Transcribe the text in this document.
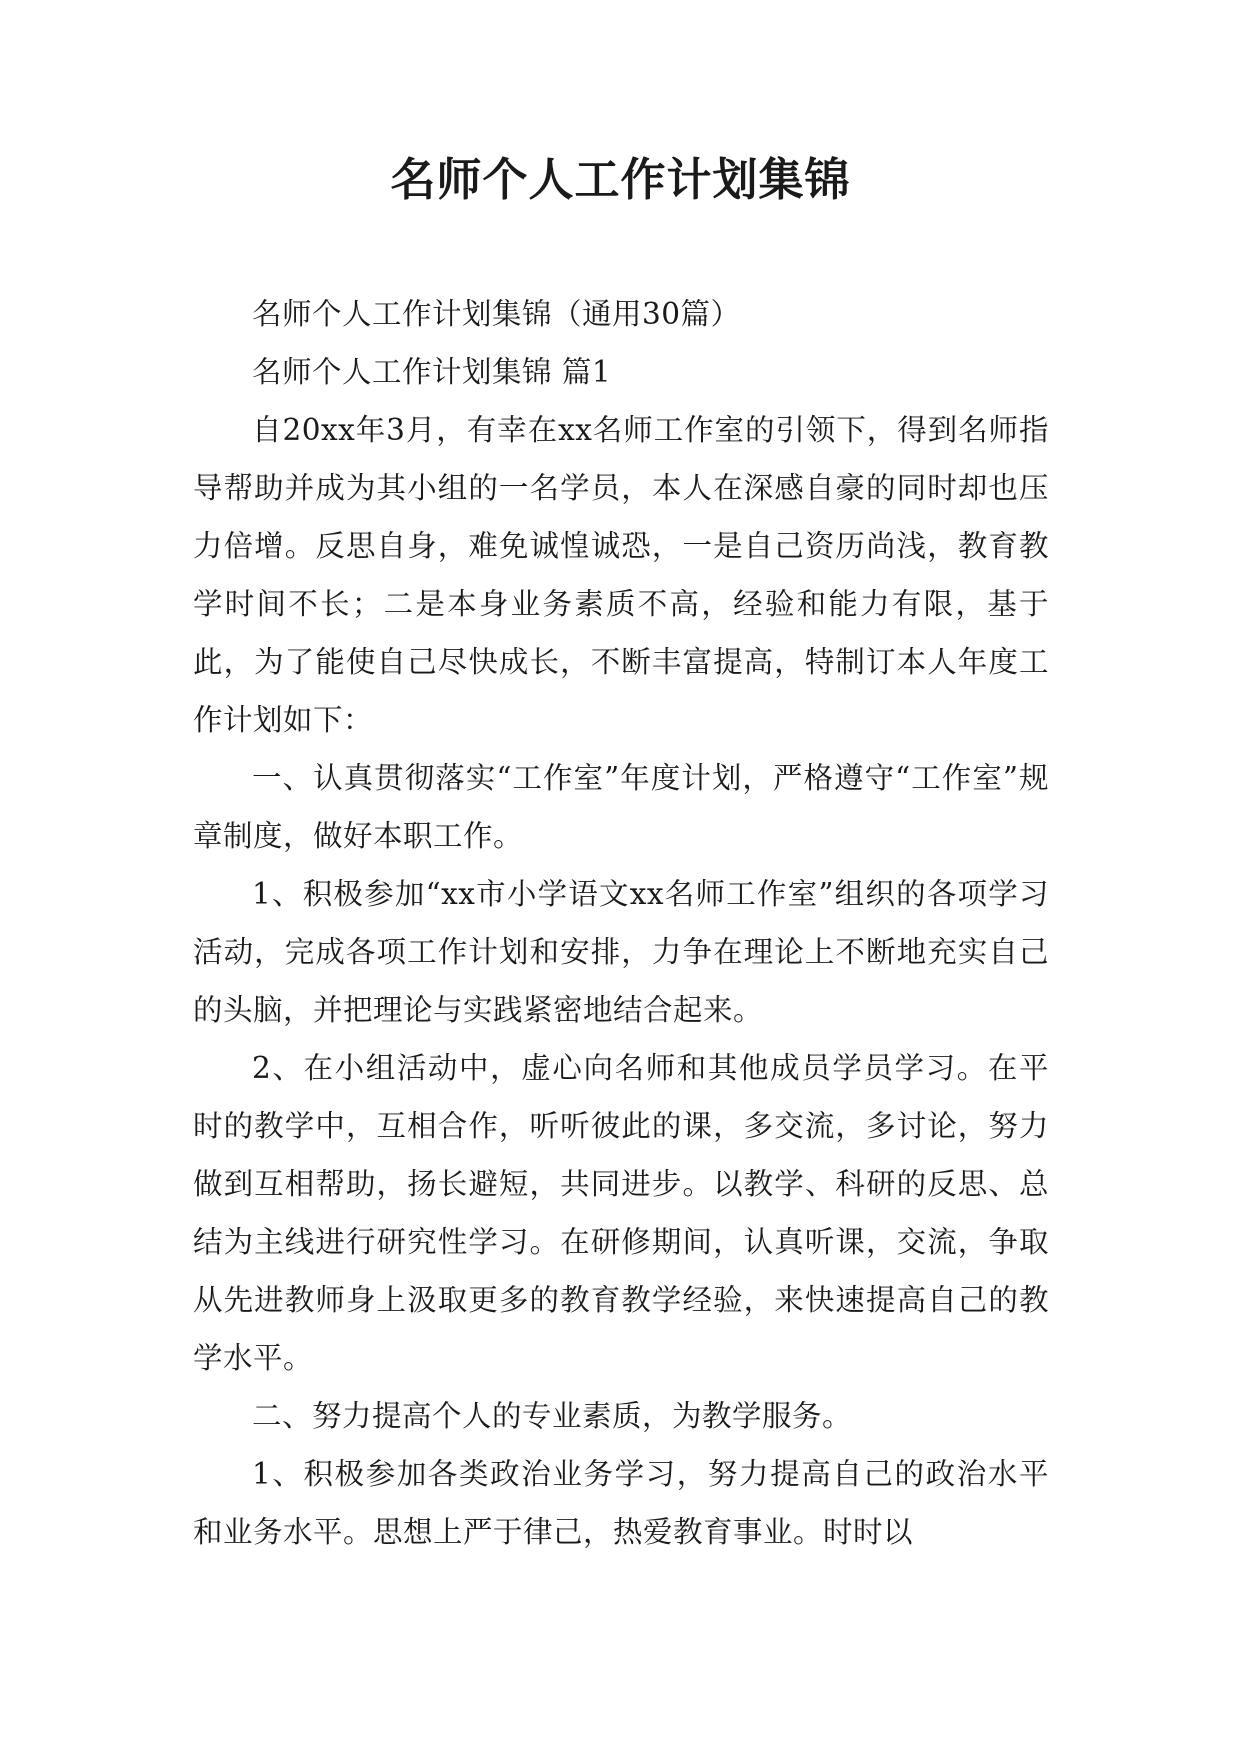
名师个人工作计划集锦

名师个人工作计划集锦（通用30篇）

名师个人工作计划集锦 篇1

自20xx年3月，有幸在xx名师工作室的引领下，得到名师指导帮助并成为其小组的一名学员，本人在深感自豪的同时却也压力倍增。反思自身，难免诚惶诚恐，一是自己资历尚浅，教育教学时间不长；二是本身业务素质不高，经验和能力有限，基于此，为了能使自己尽快成长，不断丰富提高，特制订本人年度工作计划如下：

一、认真贯彻落实“工作室”年度计划，严格遵守“工作室”规章制度，做好本职工作。

1、积极参加“xx市小学语文xx名师工作室”组织的各项学习活动，完成各项工作计划和安排，力争在理论上不断地充实自己的头脑，并把理论与实践紧密地结合起来。

2、在小组活动中，虚心向名师和其他成员学员学习。在平时的教学中，互相合作，听听彼此的课，多交流，多讨论，努力做到互相帮助，扬长避短，共同进步。以教学、科研的反思、总结为主线进行研究性学习。在研修期间，认真听课，交流，争取从先进教师身上汲取更多的教育教学经验，来快速提高自己的教学水平。

二、努力提高个人的专业素质，为教学服务。

1、积极参加各类政治业务学习，努力提高自己的政治水平和业务水平。思想上严于律己，热爱教育事业。时时以
